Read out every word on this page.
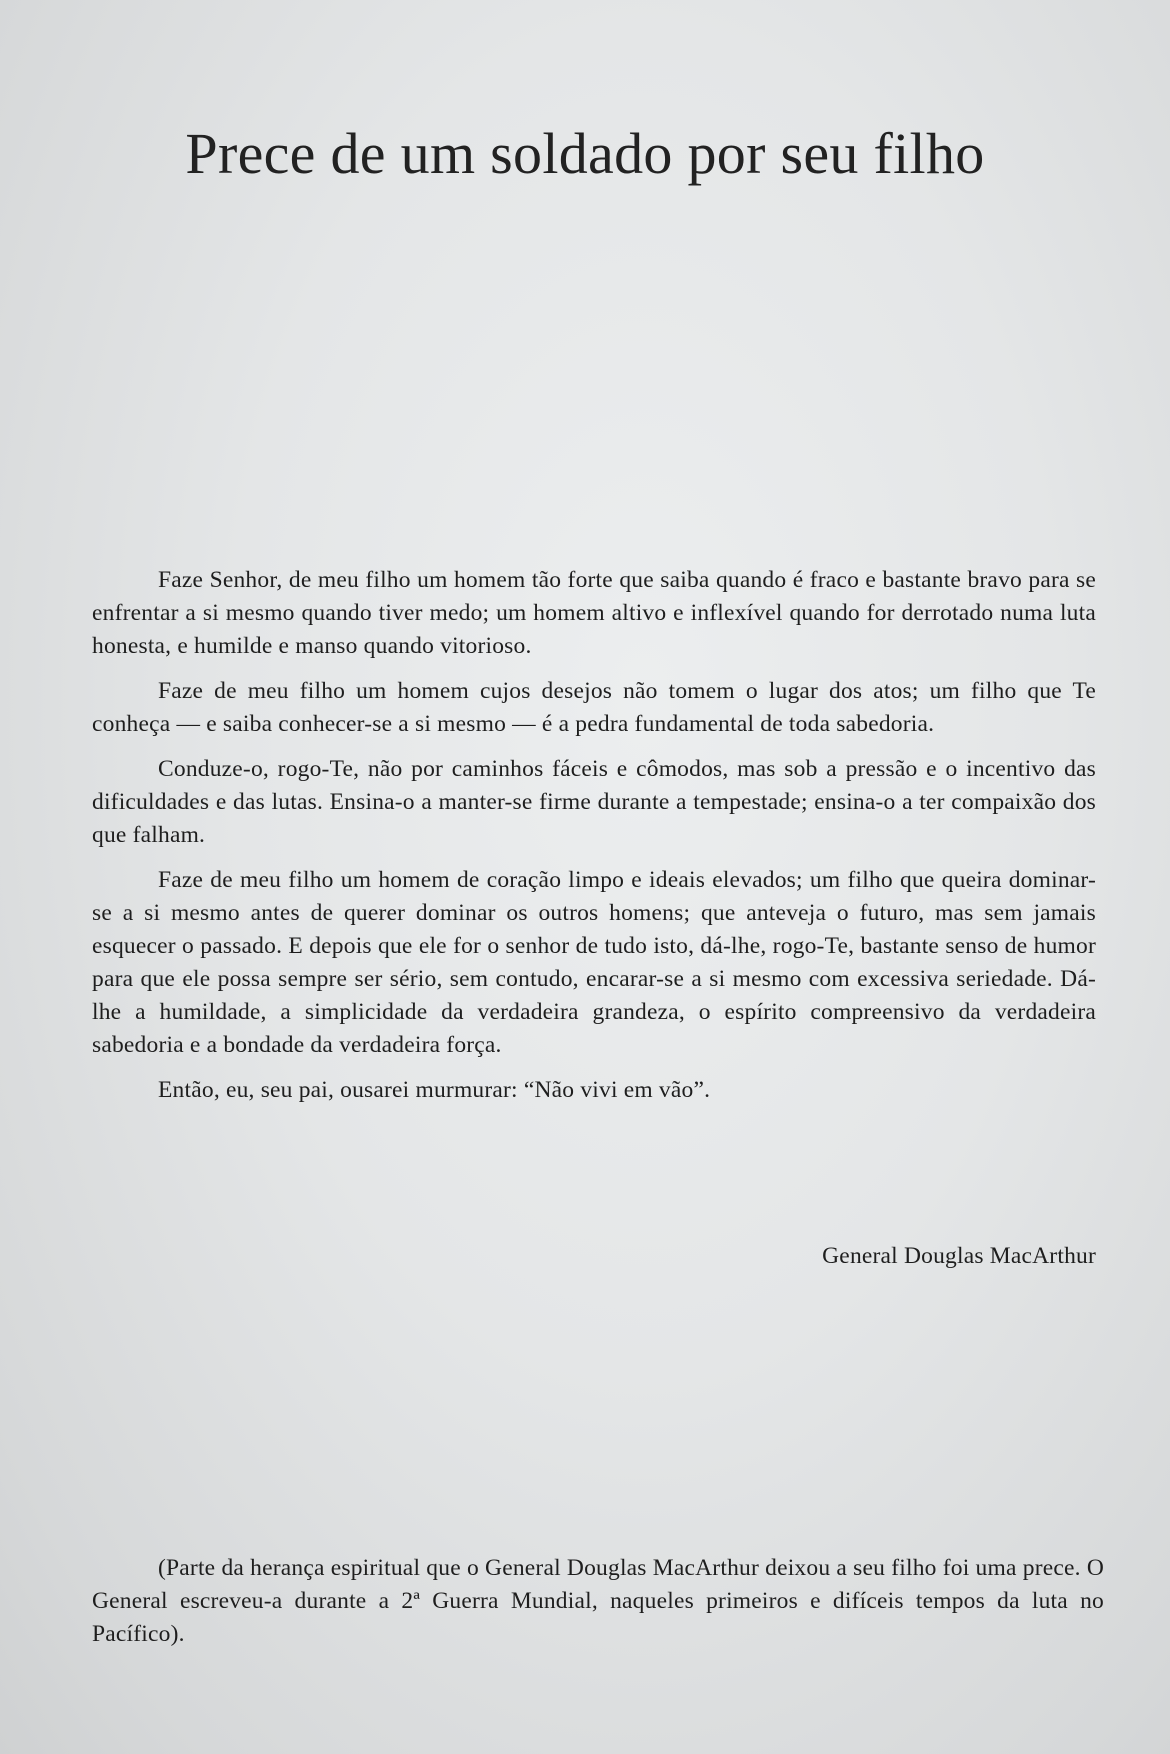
Prece de um soldado por seu filho

Faze Senhor, de meu filho um homem tão forte que saiba quando é fraco e bastante bravo para se enfrentar a si mesmo quando tiver medo; um homem altivo e inflexível quando for derrotado numa luta honesta, e humilde e manso quando vitorioso.

Faze de meu filho um homem cujos desejos não tomem o lugar dos atos; um filho que Te conheça — e saiba conhecer-se a si mesmo — é a pedra fundamental de toda sabedoria.

Conduze-o, rogo-Te, não por caminhos fáceis e cômodos, mas sob a pressão e o incentivo das dificuldades e das lutas. Ensina-o a manter-se firme durante a tempestade; ensina-o a ter compaixão dos que falham.

Faze de meu filho um homem de coração limpo e ideais elevados; um filho que queira dominar-se a si mesmo antes de querer dominar os outros homens; que anteveja o futuro, mas sem jamais esquecer o passado. E depois que ele for o senhor de tudo isto, dá-lhe, rogo-Te, bastante senso de humor para que ele possa sempre ser sério, sem contudo, encarar-se a si mesmo com excessiva seriedade. Dá-lhe a humildade, a simplicidade da verdadeira grandeza, o espírito compreensivo da verdadeira sabedoria e a bondade da verdadeira força.

Então, eu, seu pai, ousarei murmurar: “Não vivi em vão”.

General Douglas MacArthur

(Parte da herança espiritual que o General Douglas MacArthur deixou a seu filho foi uma prece. O General escreveu-a durante a 2ª Guerra Mundial, naqueles primeiros e difíceis tempos da luta no Pacífico).
